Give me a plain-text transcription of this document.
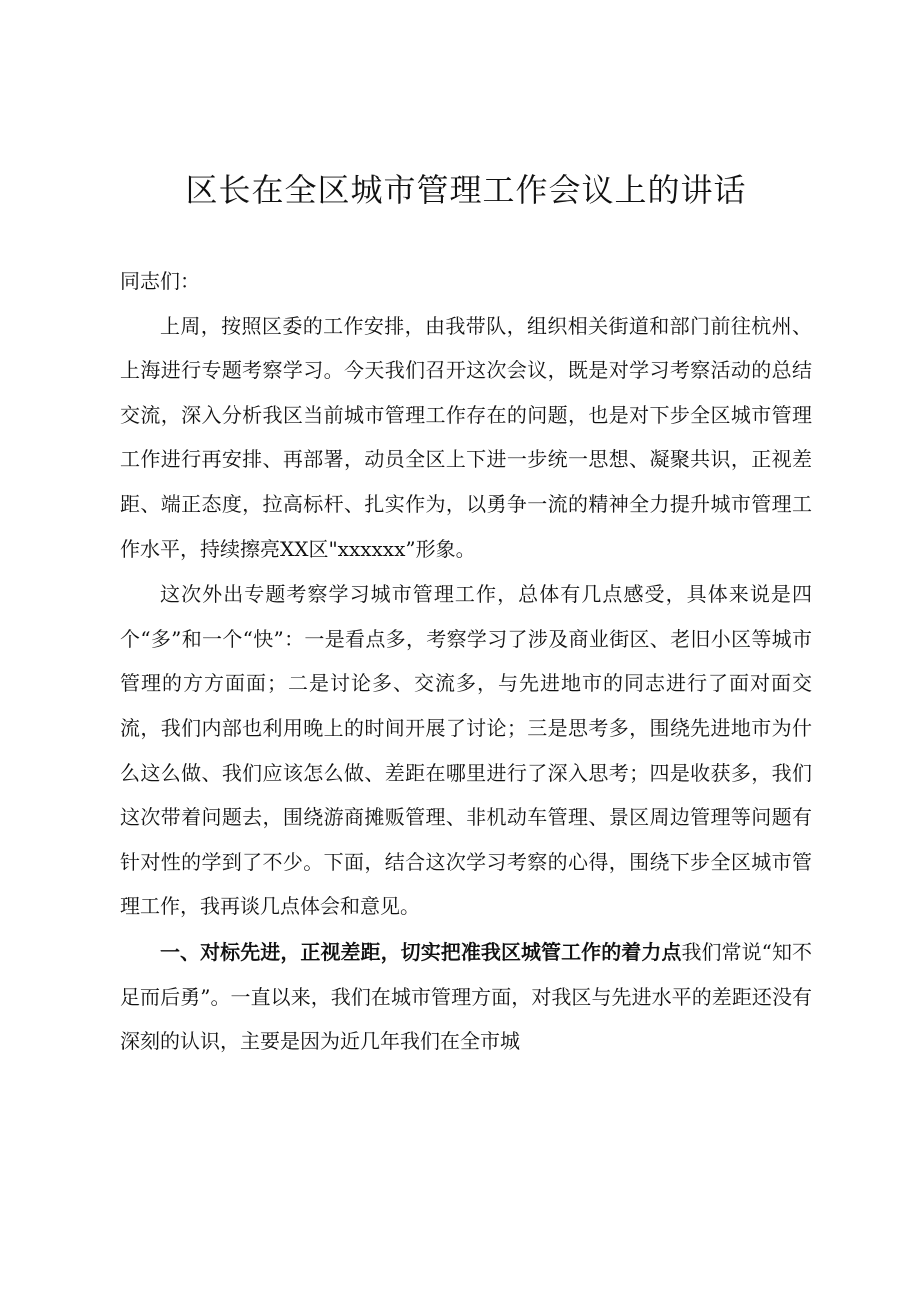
区长在全区城市管理工作会议上的讲话

同志们：

上周，按照区委的工作安排，由我带队，组织相关街道和部门前往杭州、上海进行专题考察学习。今天我们召开这次会议，既是对学习考察活动的总结交流，深入分析我区当前城市管理工作存在的问题，也是对下步全区城市管理工作进行再安排、再部署，动员全区上下进一步统一思想、凝聚共识，正视差距、端正态度，拉高标杆、扎实作为，以勇争一流的精神全力提升城市管理工作水平，持续擦亮XX区"xxxxxx”形象。

这次外出专题考察学习城市管理工作，总体有几点感受，具体来说是四个“多”和一个“快”：一是看点多，考察学习了涉及商业街区、老旧小区等城市管理的方方面面；二是讨论多、交流多，与先进地市的同志进行了面对面交流，我们内部也利用晚上的时间开展了讨论；三是思考多，围绕先进地市为什么这么做、我们应该怎么做、差距在哪里进行了深入思考；四是收获多，我们这次带着问题去，围绕游商摊贩管理、非机动车管理、景区周边管理等问题有针对性的学到了不少。下面，结合这次学习考察的心得，围绕下步全区城市管理工作，我再谈几点体会和意见。

一、对标先进，正视差距，切实把准我区城管工作的着力点我们常说“知不足而后勇”。一直以来，我们在城市管理方面，对我区与先进水平的差距还没有深刻的认识，主要是因为近几年我们在全市城
